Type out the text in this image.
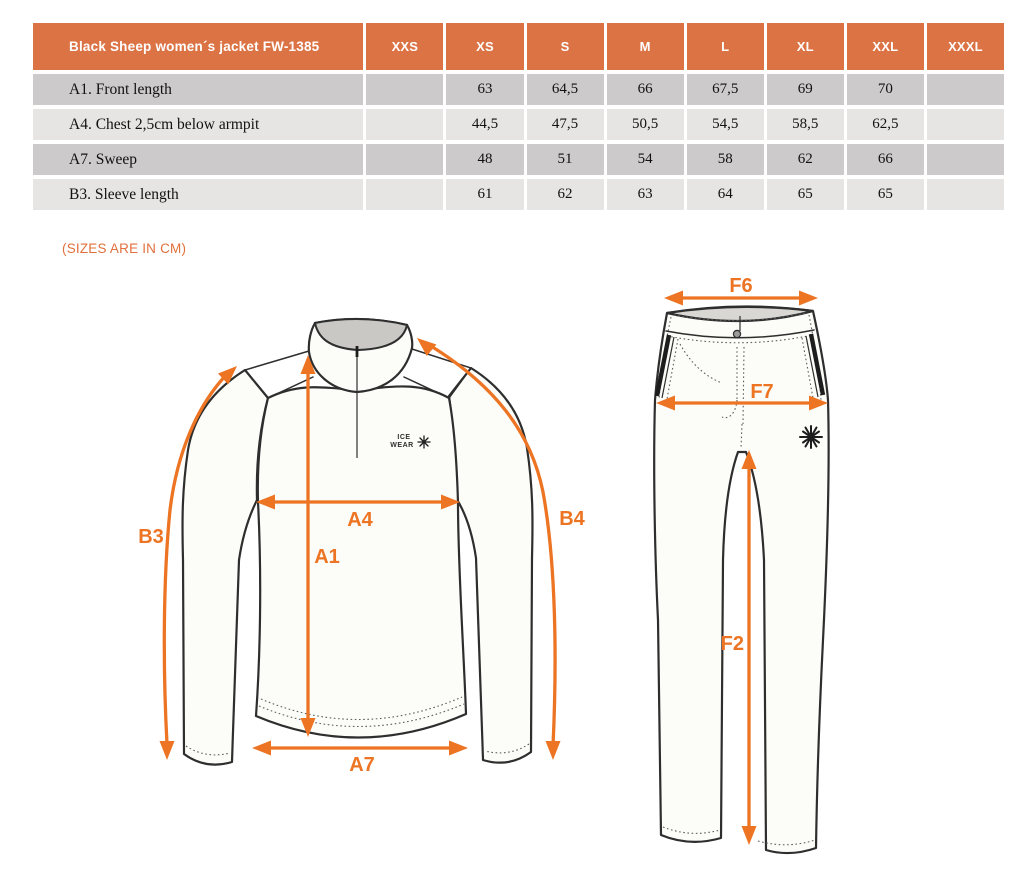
Black Sheep women´s jacket FW-1385	XXS	XS	S	M	L	XL	XXL	XXXL
A1. Front length		63	64,5	66	67,5	69	70	
A4. Chest 2,5cm below armpit		44,5	47,5	50,5	54,5	58,5	62,5	
A7. Sweep		48	51	54	58	62	66	
B3. Sleeve length		61	62	63	64	65	65	
(SIZES ARE IN CM)
ICE
WEAR
A1
A4
A7
B3
B4
F6
F7
F2
